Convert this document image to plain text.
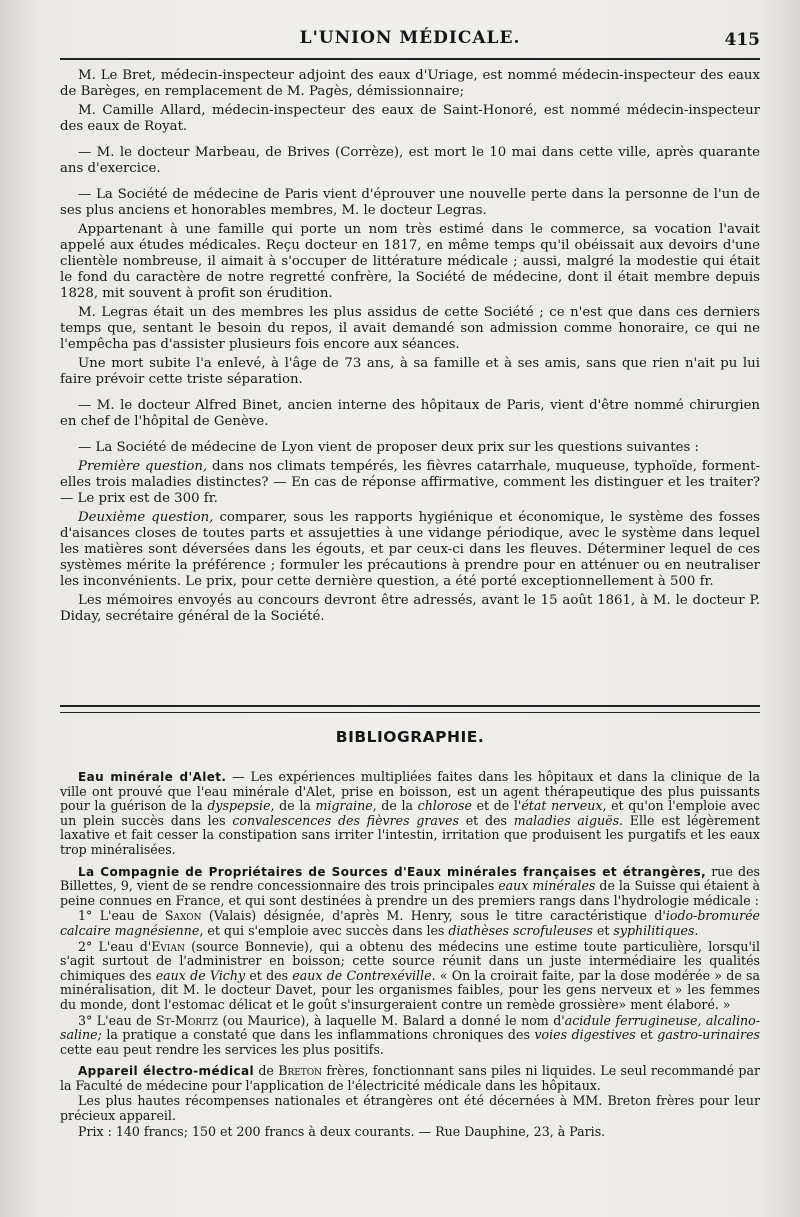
L'UNION MÉDICALE.	415

M. Le Bret, médecin-inspecteur adjoint des eaux d'Uriage, est nommé médecin-inspecteur des eaux de Barèges, en remplacement de M. Pagès, démissionnaire;

M. Camille Allard, médecin-inspecteur des eaux de Saint-Honoré, est nommé médecin-inspecteur des eaux de Royat.

— M. le docteur Marbeau, de Brives (Corrèze), est mort le 10 mai dans cette ville, après quarante ans d'exercice.

— La Société de médecine de Paris vient d'éprouver une nouvelle perte dans la personne de l'un de ses plus anciens et honorables membres, M. le docteur Legras.

Appartenant à une famille qui porte un nom très estimé dans le commerce, sa vocation l'avait appelé aux études médicales. Reçu docteur en 1817, en même temps qu'il obéissait aux devoirs d'une clientèle nombreuse, il aimait à s'occuper de littérature médicale ; aussi, malgré la modestie qui était le fond du caractère de notre regretté confrère, la Société de médecine, dont il était membre depuis 1828, mit souvent à profit son érudition.

M. Legras était un des membres les plus assidus de cette Société ; ce n'est que dans ces derniers temps que, sentant le besoin du repos, il avait demandé son admission comme honoraire, ce qui ne l'empêcha pas d'assister plusieurs fois encore aux séances.

Une mort subite l'a enlevé, à l'âge de 73 ans, à sa famille et à ses amis, sans que rien n'ait pu lui faire prévoir cette triste séparation.

— M. le docteur Alfred Binet, ancien interne des hôpitaux de Paris, vient d'être nommé chirurgien en chef de l'hôpital de Genève.

— La Société de médecine de Lyon vient de proposer deux prix sur les questions suivantes :

Première question, dans nos climats tempérés, les fièvres catarrhale, muqueuse, typhoïde, forment-elles trois maladies distinctes? — En cas de réponse affirmative, comment les distinguer et les traiter? — Le prix est de 300 fr.

Deuxième question, comparer, sous les rapports hygiénique et économique, le système des fosses d'aisances closes de toutes parts et assujetties à une vidange périodique, avec le système dans lequel les matières sont déversées dans les égouts, et par ceux-ci dans les fleuves. Déterminer lequel de ces systèmes mérite la préférence ; formuler les précautions à prendre pour en atténuer ou en neutraliser les inconvénients. Le prix, pour cette dernière question, a été porté exceptionnellement à 500 fr.

Les mémoires envoyés au concours devront être adressés, avant le 15 août 1861, à M. le docteur P. Diday, secrétaire général de la Société.

BIBLIOGRAPHIE.

Eau minérale d'Alet. — Les expériences multipliées faites dans les hôpitaux et dans la clinique de la ville ont prouvé que l'eau minérale d'Alet, prise en boisson, est un agent thérapeutique des plus puissants pour la guérison de la dyspepsie, de la migraine, de la chlorose et de l'état nerveux, et qu'on l'emploie avec un plein succès dans les convalescences des fièvres graves et des maladies aiguës. Elle est légèrement laxative et fait cesser la constipation sans irriter l'intestin, irritation que produisent les purgatifs et les eaux trop minéralisées.

La Compagnie de Propriétaires de Sources d'Eaux minérales françaises et étrangères, rue des Billettes, 9, vient de se rendre concessionnaire des trois principales eaux minérales de la Suisse qui étaient à peine connues en France, et qui sont destinées à prendre un des premiers rangs dans l'hydrologie médicale :

1° L'eau de Saxon (Valais) désignée, d'après M. Henry, sous le titre caractéristique d'iodo-bromurée calcaire magnésienne, et qui s'emploie avec succès dans les diathèses scrofuleuses et syphilitiques.

2° L'eau d'Evian (source Bonnevie), qui a obtenu des médecins une estime toute particulière, lorsqu'il s'agit surtout de l'administrer en boisson; cette source réunit dans un juste intermédiaire les qualités chimiques des eaux de Vichy et des eaux de Contrexéville. « On la croirait faite, par la dose modérée » de sa minéralisation, dit M. le docteur Davet, pour les organismes faibles, pour les gens nerveux et » les femmes du monde, dont l'estomac délicat et le goût s'insurgeraient contre un remède grossière» ment élaboré. »

3° L'eau de St-Moritz (ou Maurice), à laquelle M. Balard a donné le nom d'acidule ferrugineuse, alcalino-saline; la pratique a constaté que dans les inflammations chroniques des voies digestives et gastro-urinaires cette eau peut rendre les services les plus positifs.

Appareil électro-médical de Breton frères, fonctionnant sans piles ni liquides. Le seul recommandé par la Faculté de médecine pour l'application de l'électricité médicale dans les hôpitaux.

Les plus hautes récompenses nationales et étrangères ont été décernées à MM. Breton frères pour leur précieux appareil.

Prix : 140 francs; 150 et 200 francs à deux courants. — Rue Dauphine, 23, à Paris.
